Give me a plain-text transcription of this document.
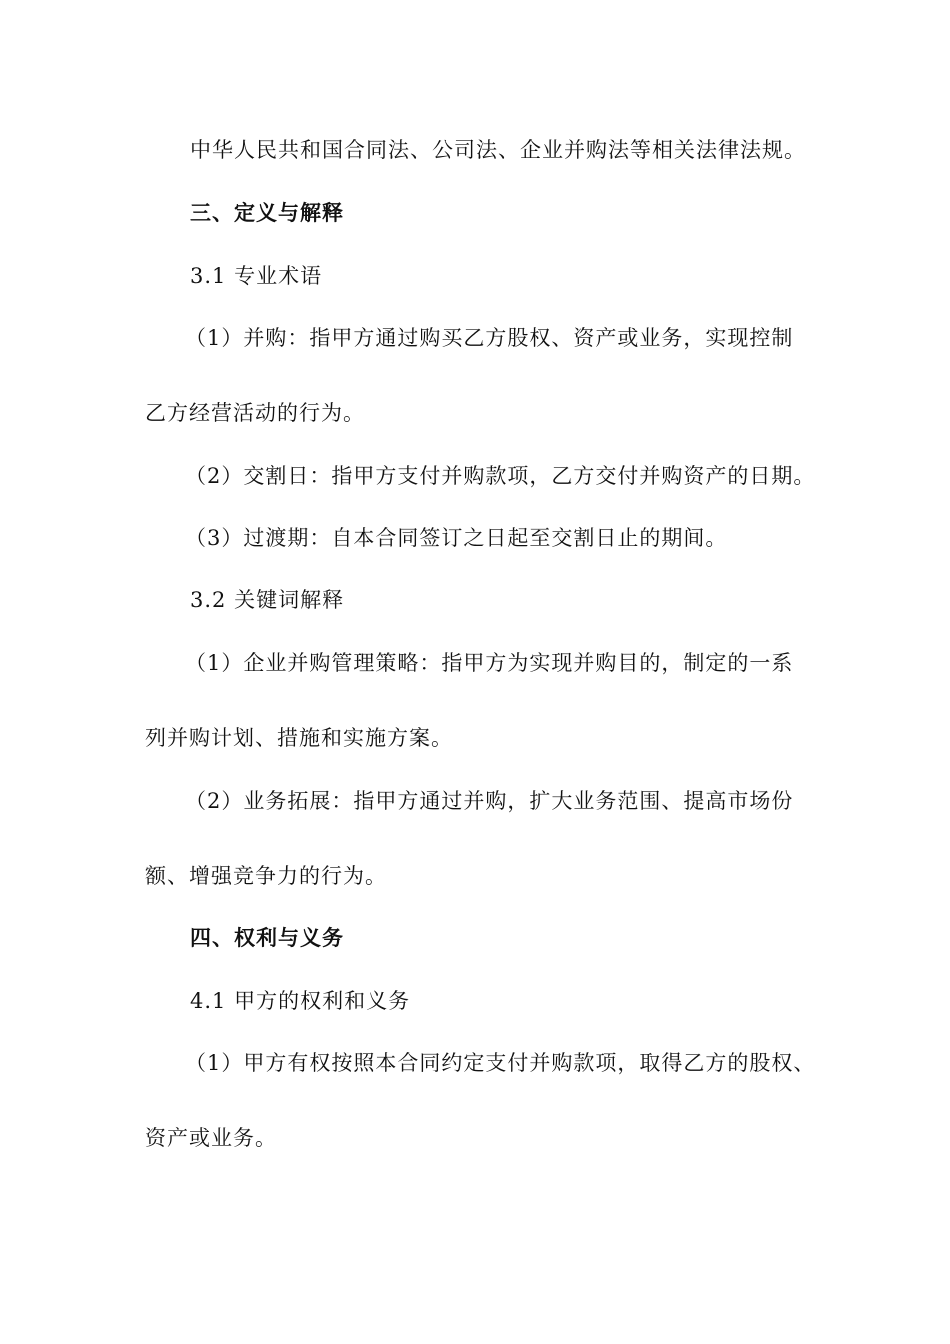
中华人民共和国合同法、公司法、企业并购法等相关法律法规。
三、定义与解释
3.1 专业术语
（1）并购：指甲方通过购买乙方股权、资产或业务，实现控制
乙方经营活动的行为。
（2）交割日：指甲方支付并购款项，乙方交付并购资产的日期。
（3）过渡期：自本合同签订之日起至交割日止的期间。
3.2 关键词解释
（1）企业并购管理策略：指甲方为实现并购目的，制定的一系
列并购计划、措施和实施方案。
（2）业务拓展：指甲方通过并购，扩大业务范围、提高市场份
额、增强竞争力的行为。
四、权利与义务
4.1 甲方的权利和义务
（1）甲方有权按照本合同约定支付并购款项，取得乙方的股权、
资产或业务。
